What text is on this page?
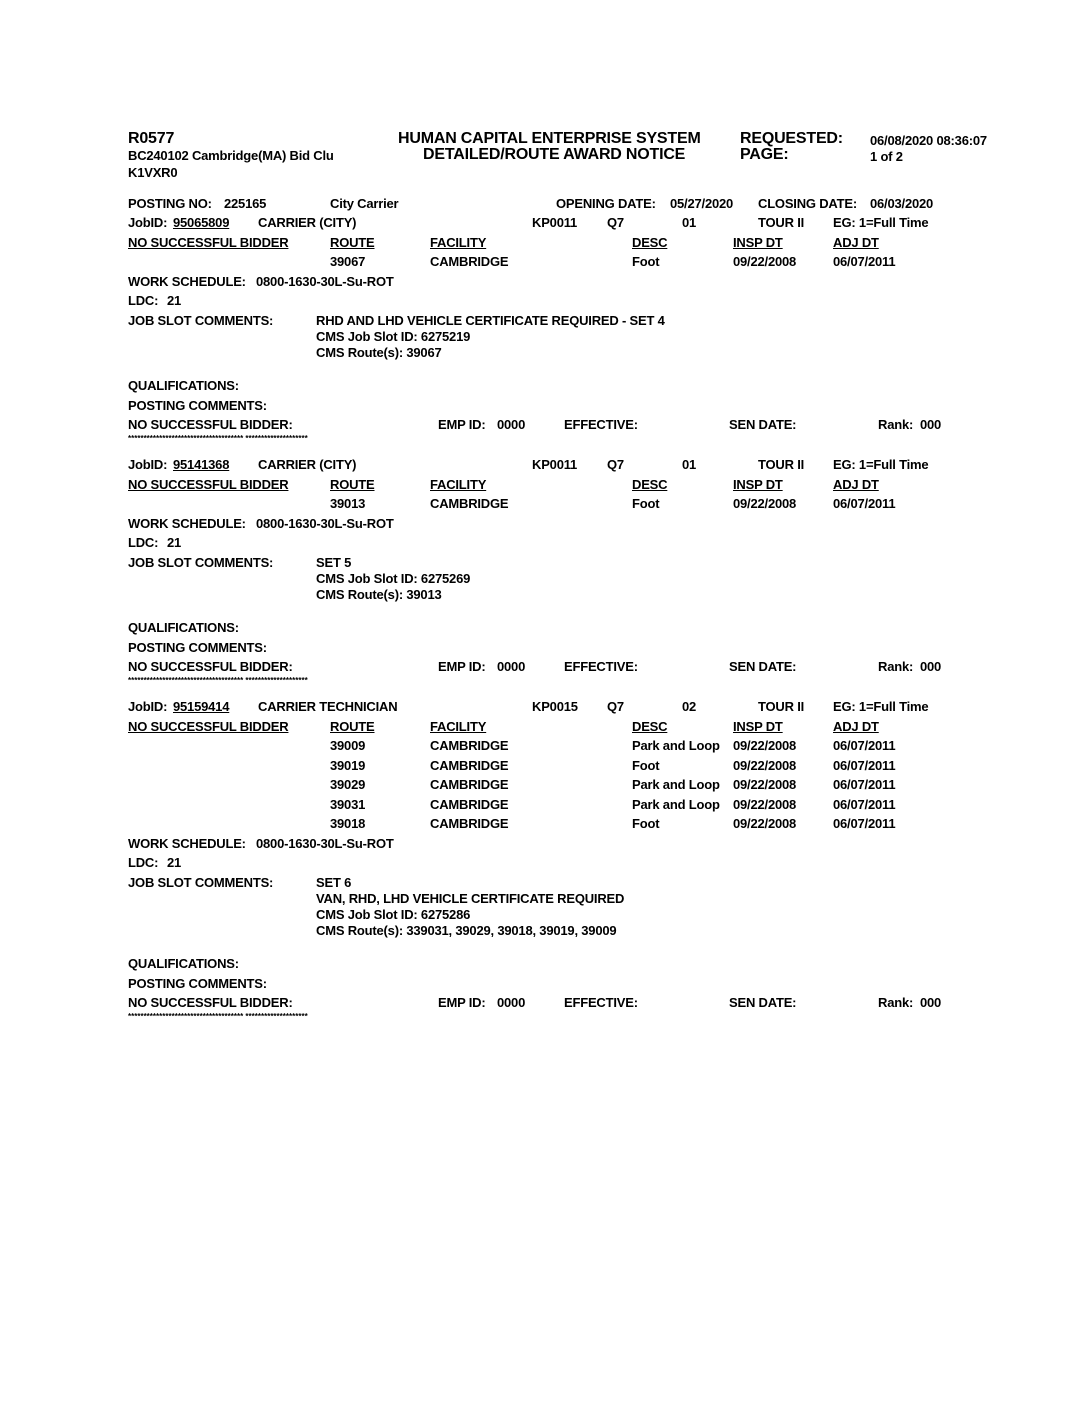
R0577
BC240102 Cambridge(MA) Bid Clu
K1VXR0
HUMAN CAPITAL ENTERPRISE SYSTEM
DETAILED/ROUTE AWARD NOTICE
REQUESTED:
PAGE:
06/08/2020 08:36:07
1 of 2
POSTING NO: 225165	City Carrier	OPENING DATE: 05/27/2020 CLOSING DATE: 06/03/2020
JobID: 95065809 CARRIER (CITY)	KP0011 Q7	01	TOUR II EG: 1=Full Time
NO SUCCESSFUL BIDDER	ROUTE	FACILITY	DESC	INSP DT	ADJ DT
39067	CAMBRIDGE	Foot	09/22/2008	06/07/2011
WORK SCHEDULE: 0800-1630-30L-Su-ROT
LDC: 21
JOB SLOT COMMENTS:	RHD AND LHD VEHICLE CERTIFICATE REQUIRED - SET 4
CMS Job Slot ID: 6275219
CMS Route(s): 39067
QUALIFICATIONS:
POSTING COMMENTS:
NO SUCCESSFUL BIDDER:	EMP ID: 0000	EFFECTIVE:	SEN DATE:	Rank: 000
************************************* ********************
JobID: 95141368 CARRIER (CITY)	KP0011 Q7	01	TOUR II EG: 1=Full Time
NO SUCCESSFUL BIDDER	ROUTE	FACILITY	DESC	INSP DT	ADJ DT
39013	CAMBRIDGE	Foot	09/22/2008	06/07/2011
WORK SCHEDULE: 0800-1630-30L-Su-ROT
LDC: 21
JOB SLOT COMMENTS:	SET 5
CMS Job Slot ID: 6275269
CMS Route(s): 39013
QUALIFICATIONS:
POSTING COMMENTS:
NO SUCCESSFUL BIDDER:	EMP ID: 0000	EFFECTIVE:	SEN DATE:	Rank: 000
************************************* ********************
JobID: 95159414 CARRIER TECHNICIAN	KP0015 Q7	02	TOUR II EG: 1=Full Time
NO SUCCESSFUL BIDDER	ROUTE	FACILITY	DESC	INSP DT	ADJ DT
39009	CAMBRIDGE	Park and Loop 09/22/2008	06/07/2011
39019	CAMBRIDGE	Foot	09/22/2008	06/07/2011
39029	CAMBRIDGE	Park and Loop 09/22/2008	06/07/2011
39031	CAMBRIDGE	Park and Loop 09/22/2008	06/07/2011
39018	CAMBRIDGE	Foot	09/22/2008	06/07/2011
WORK SCHEDULE: 0800-1630-30L-Su-ROT
LDC: 21
JOB SLOT COMMENTS:	SET 6
VAN, RHD, LHD VEHICLE CERTIFICATE REQUIRED
CMS Job Slot ID: 6275286
CMS Route(s): 339031, 39029, 39018, 39019, 39009
QUALIFICATIONS:
POSTING COMMENTS:
NO SUCCESSFUL BIDDER:	EMP ID: 0000	EFFECTIVE:	SEN DATE:	Rank: 000
************************************* ********************
